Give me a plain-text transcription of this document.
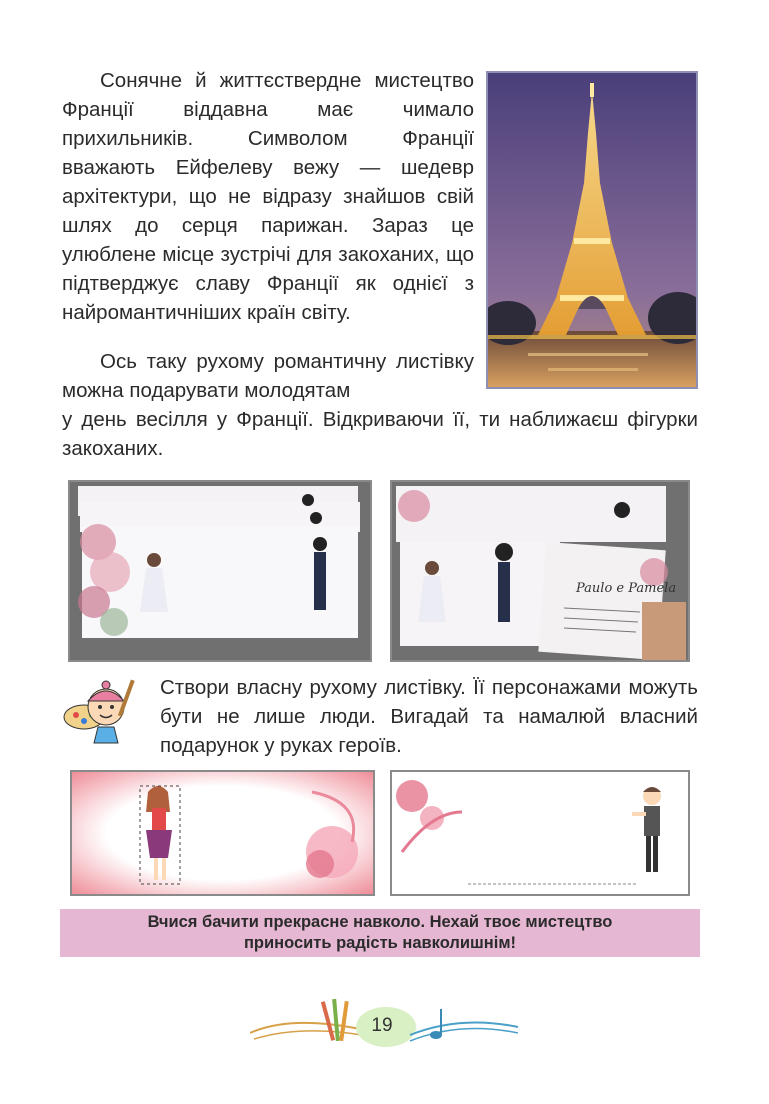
Сонячне й життєствердне мистецтво Франції віддавна має чимало прихильників. Символом Франції вважають Ейфелеву вежу — шедевр архітектури, що не відразу знайшов свій шлях до серця парижан. Зараз це улюблене місце зустрічі для закоханих, що підтверджує славу Франції як однієї з найромантичніших країн світу.

Ось таку рухому романтичну листівку можна подарувати молодятам

у день весілля у Франції. Відкриваючи її, ти наближаєш фігурки закоханих.

Paulo e Pamela

Створи власну рухому листівку. Її персонажами можуть бути не лише люди. Вигадай та намалюй власний подарунок у руках героїв.

Вчися бачити прекрасне навколо. Нехай твоє мистецтво
приносить радість навколишнім!
19
